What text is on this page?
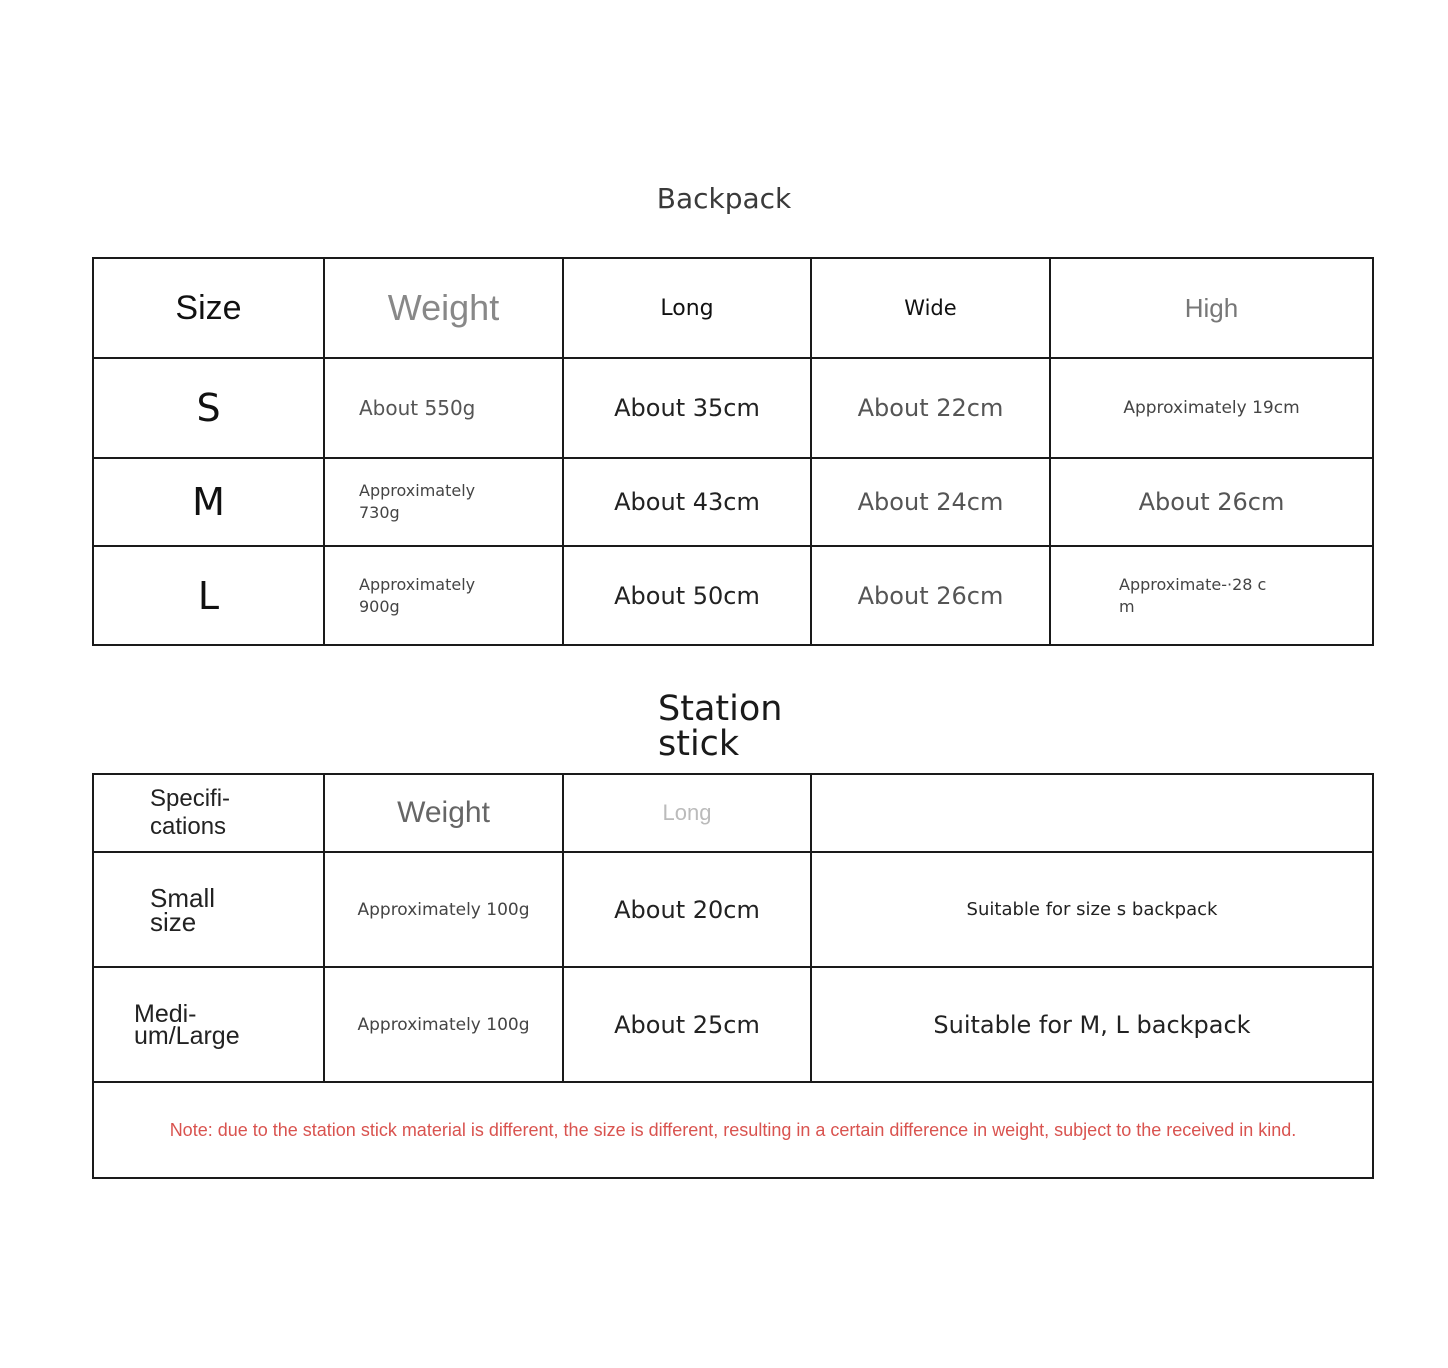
Backpack
Size	Weight	Long	Wide	High
S	About 550g	About 35cm	About 22cm	Approximately 19cm
M	Approximately 730g	About 43cm	About 24cm	About 26cm
L	Approximately 900g	About 50cm	About 26cm	Approximate-·28 c m
Station stick
Specifi-cations	Weight	Long	
Small size	Approximately 100g	About 20cm	Suitable for size s backpack
Medi-um/Large	Approximately 100g	About 25cm	Suitable for M, L backpack
Note: due to the station stick material is different, the size is different, resulting in a certain difference in weight, subject to the received in kind.			
